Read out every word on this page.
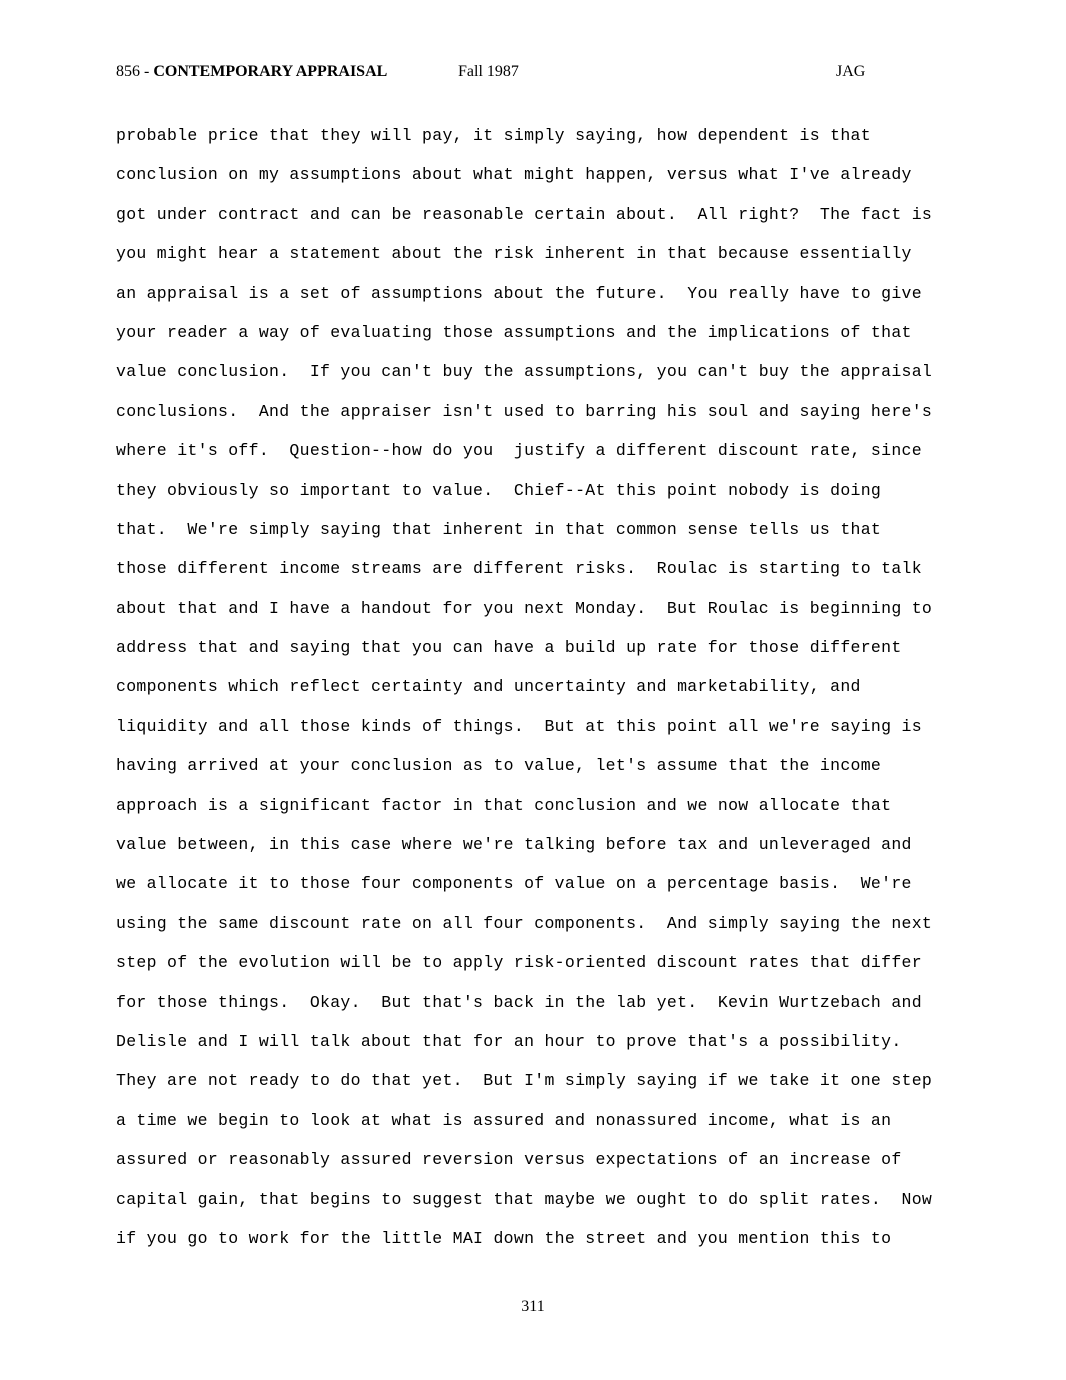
856 - CONTEMPORARY APPRAISAL	Fall 1987	JAG
probable price that they will pay, it simply saying, how dependent is that
conclusion on my assumptions about what might happen, versus what I've already
got under contract and can be reasonable certain about.  All right?  The fact is
you might hear a statement about the risk inherent in that because essentially
an appraisal is a set of assumptions about the future.  You really have to give
your reader a way of evaluating those assumptions and the implications of that
value conclusion.  If you can't buy the assumptions, you can't buy the appraisal
conclusions.  And the appraiser isn't used to barring his soul and saying here's
where it's off.  Question--how do you  justify a different discount rate, since
they obviously so important to value.  Chief--At this point nobody is doing
that.  We're simply saying that inherent in that common sense tells us that
those different income streams are different risks.  Roulac is starting to talk
about that and I have a handout for you next Monday.  But Roulac is beginning to
address that and saying that you can have a build up rate for those different
components which reflect certainty and uncertainty and marketability, and
liquidity and all those kinds of things.  But at this point all we're saying is
having arrived at your conclusion as to value, let's assume that the income
approach is a significant factor in that conclusion and we now allocate that
value between, in this case where we're talking before tax and unleveraged and
we allocate it to those four components of value on a percentage basis.  We're
using the same discount rate on all four components.  And simply saying the next
step of the evolution will be to apply risk-oriented discount rates that differ
for those things.  Okay.  But that's back in the lab yet.  Kevin Wurtzebach and
Delisle and I will talk about that for an hour to prove that's a possibility.
They are not ready to do that yet.  But I'm simply saying if we take it one step
a time we begin to look at what is assured and nonassured income, what is an
assured or reasonably assured reversion versus expectations of an increase of
capital gain, that begins to suggest that maybe we ought to do split rates.  Now
if you go to work for the little MAI down the street and you mention this to
311
